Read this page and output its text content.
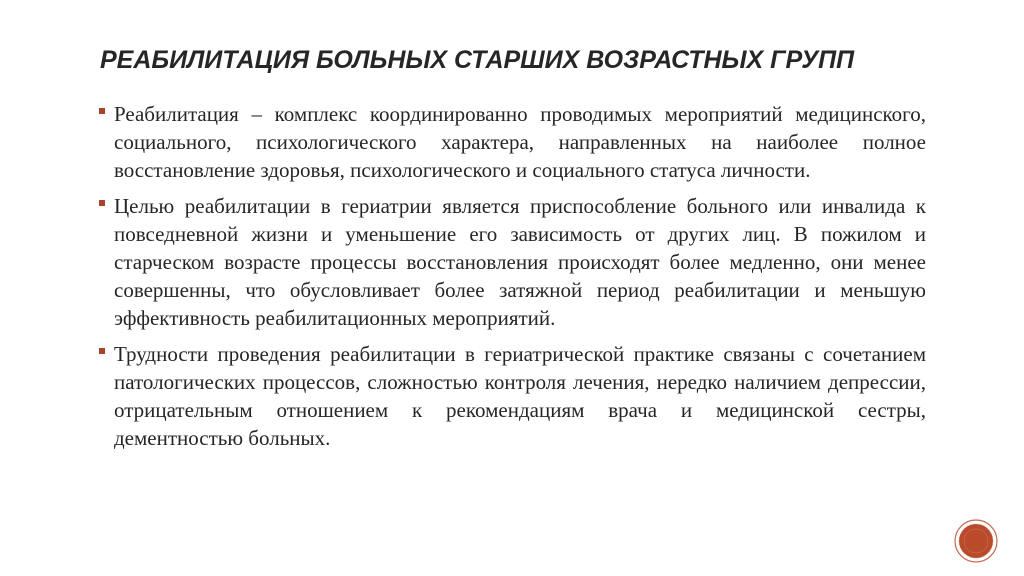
РЕАБИЛИТАЦИЯ БОЛЬНЫХ СТАРШИХ ВОЗРАСТНЫХ ГРУПП
Реабилитация – комплекс координированно проводимых мероприятий медицинского, социального, психологического характера, направленных на наиболее полное восстановление здоровья, психологического и социального статуса личности.
Целью реабилитации в гериатрии является приспособление больного или инвалида к повседневной жизни и уменьшение его зависимость от других лиц. В пожилом и старческом возрасте процессы восстановления происходят более медленно, они менее совершенны, что обусловливает более затяжной период реабилитации и меньшую эффективность реабилитационных мероприятий.
Трудности проведения реабилитации в гериатрической практике связаны с сочетанием патологических процессов, сложностью контроля лечения, нередко наличием депрессии, отрицательным отношением к рекомендациям врача и медицинской сестры, дементностью больных.
